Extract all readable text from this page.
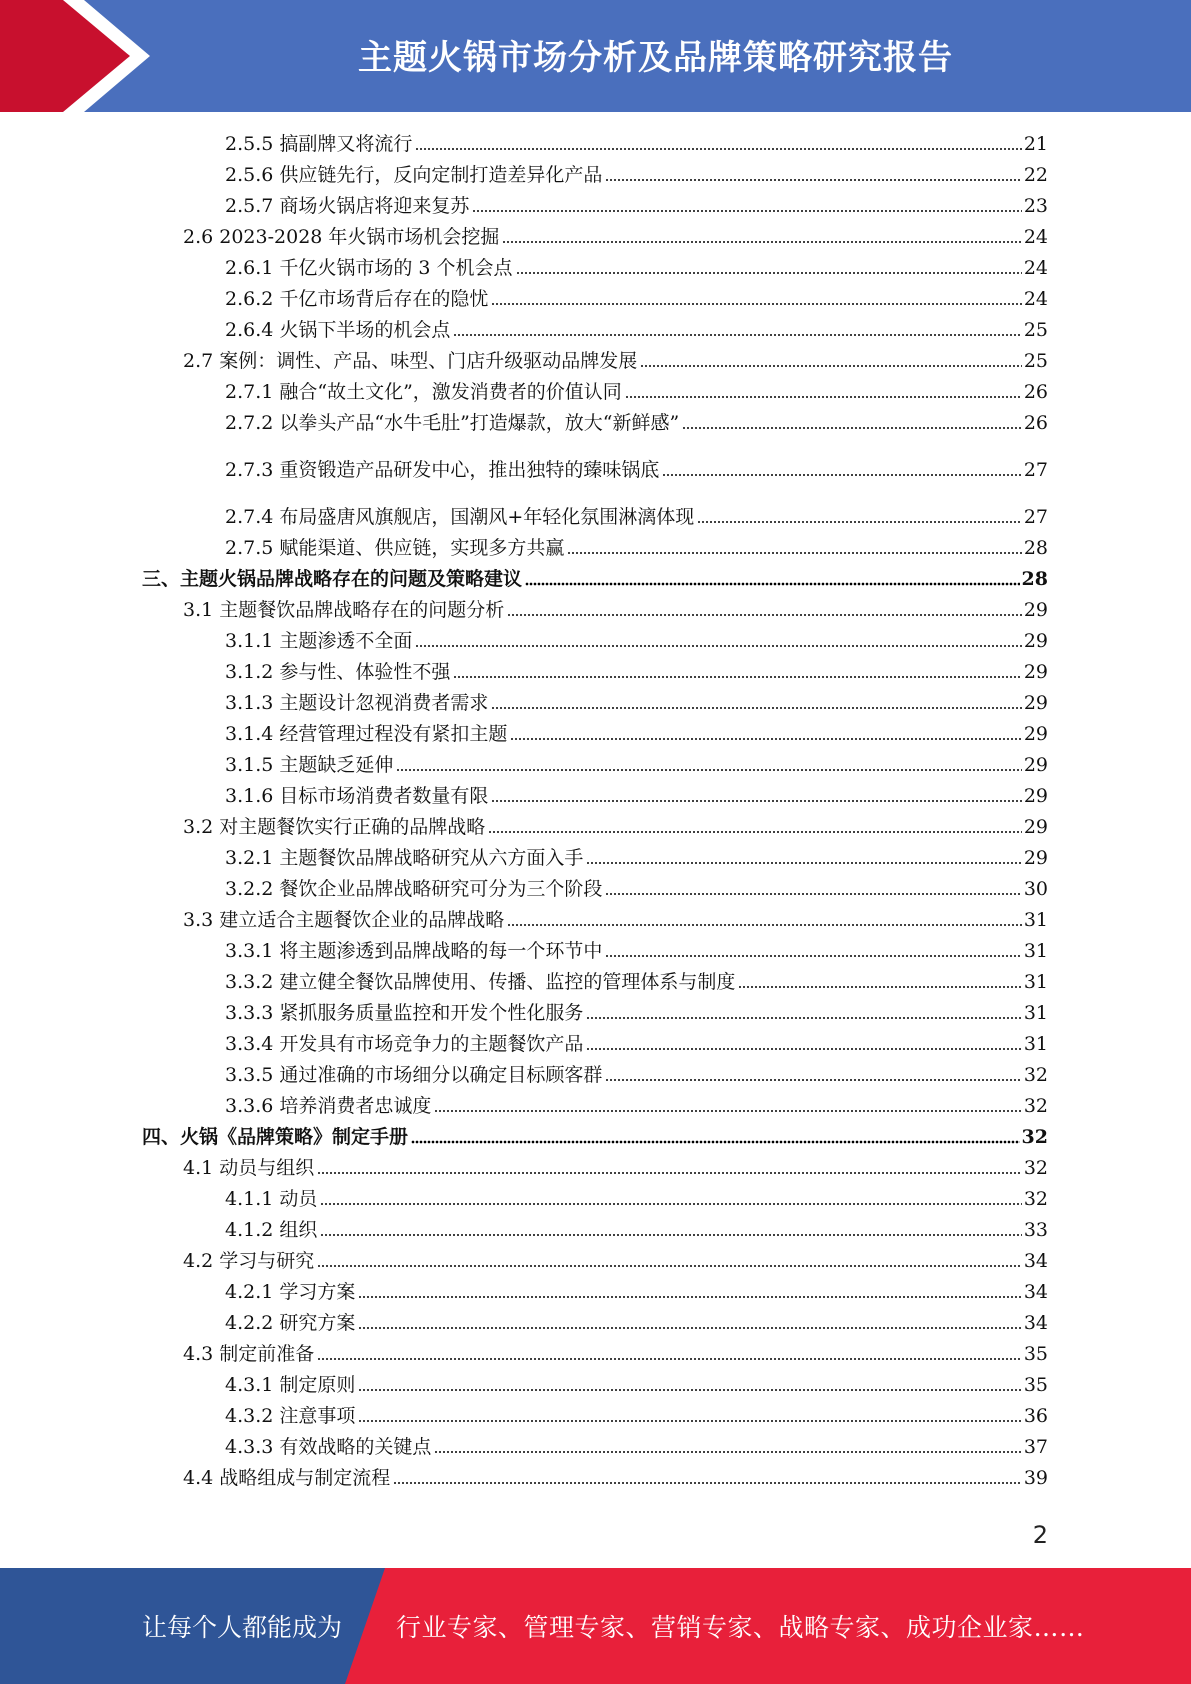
主题火锅市场分析及品牌策略研究报告
2.5.5 搞副牌又将流行	21
2.5.6 供应链先行，反向定制打造差异化产品	22
2.5.7 商场火锅店将迎来复苏	23
2.6 2023-2028 年火锅市场机会挖掘	24
2.6.1 千亿火锅市场的 3 个机会点	24
2.6.2 千亿市场背后存在的隐忧	24
2.6.4 火锅下半场的机会点	25
2.7 案例：调性、产品、味型、门店升级驱动品牌发展	25
2.7.1 融合“故土文化”，激发消费者的价值认同	26
2.7.2 以拳头产品“水牛毛肚”打造爆款，放大“新鲜感”	26
2.7.3 重资锻造产品研发中心，推出独特的臻味锅底	27
2.7.4 布局盛唐风旗舰店，国潮风+年轻化氛围淋漓体现	27
2.7.5 赋能渠道、供应链，实现多方共赢	28
三、主题火锅品牌战略存在的问题及策略建议	28
3.1 主题餐饮品牌战略存在的问题分析	29
3.1.1 主题渗透不全面	29
3.1.2 参与性、体验性不强	29
3.1.3 主题设计忽视消费者需求	29
3.1.4 经营管理过程没有紧扣主题	29
3.1.5 主题缺乏延伸	29
3.1.6 目标市场消费者数量有限	29
3.2 对主题餐饮实行正确的品牌战略	29
3.2.1 主题餐饮品牌战略研究从六方面入手	29
3.2.2 餐饮企业品牌战略研究可分为三个阶段	30
3.3 建立适合主题餐饮企业的品牌战略	31
3.3.1 将主题渗透到品牌战略的每一个环节中	31
3.3.2 建立健全餐饮品牌使用、传播、监控的管理体系与制度	31
3.3.3 紧抓服务质量监控和开发个性化服务	31
3.3.4 开发具有市场竞争力的主题餐饮产品	31
3.3.5 通过准确的市场细分以确定目标顾客群	32
3.3.6 培养消费者忠诚度	32
四、火锅《品牌策略》制定手册	32
4.1 动员与组织	32
4.1.1 动员	32
4.1.2 组织	33
4.2 学习与研究	34
4.2.1 学习方案	34
4.2.2 研究方案	34
4.3 制定前准备	35
4.3.1 制定原则	35
4.3.2 注意事项	36
4.3.3 有效战略的关键点	37
4.4 战略组成与制定流程	39
2
让每个人都能成为 行业专家、管理专家、营销专家、战略专家、成功企业家……
